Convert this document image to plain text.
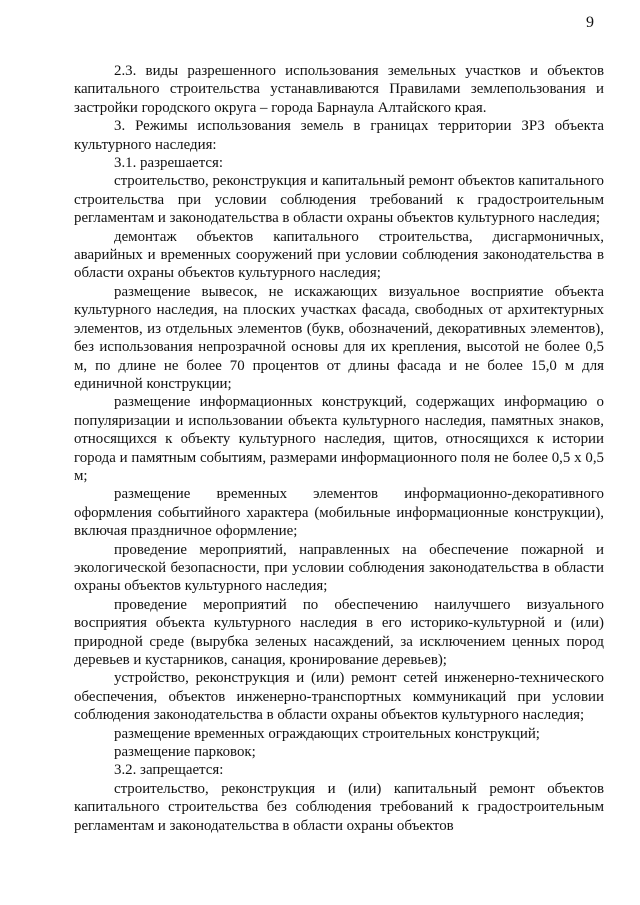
9

2.3. виды разрешенного использования земельных участков и объектов капитального строительства устанавливаются Правилами землепользования и застройки городского округа – города Барнаула Алтайского края.

3. Режимы использования земель в границах территории ЗРЗ объекта культурного наследия:

3.1. разрешается:

строительство, реконструкция и капитальный ремонт объектов капитального строительства при условии соблюдения требований к градостроительным регламентам и законодательства в области охраны объектов культурного наследия;

демонтаж объектов капитального строительства, дисгармоничных, аварийных и временных сооружений при условии соблюдения законодательства в области охраны объектов культурного наследия;

размещение вывесок, не искажающих визуальное восприятие объекта культурного наследия, на плоских участках фасада, свободных от архитектурных элементов, из отдельных элементов (букв, обозначений, декоративных элементов), без использования непрозрачной основы для их крепления, высотой не более 0,5 м, по длине не более 70 процентов от длины фасада и не более 15,0 м для единичной конструкции;

размещение информационных конструкций, содержащих информацию о популяризации и использовании объекта культурного наследия, памятных знаков, относящихся к объекту культурного наследия, щитов, относящихся к истории города и памятным событиям, размерами информационного поля не более 0,5 х 0,5 м;

размещение временных элементов информационно-декоративного оформления событийного характера (мобильные информационные конструкции), включая праздничное оформление;

проведение мероприятий, направленных на обеспечение пожарной и экологической безопасности, при условии соблюдения законодательства в области охраны объектов культурного наследия;

проведение мероприятий по обеспечению наилучшего визуального восприятия объекта культурного наследия в его историко-культурной и (или) природной среде (вырубка зеленых насаждений, за исключением ценных пород деревьев и кустарников, санация, кронирование деревьев);

устройство, реконструкция и (или) ремонт сетей инженерно-технического обеспечения, объектов инженерно-транспортных коммуникаций при условии соблюдения законодательства в области охраны объектов культурного наследия;

размещение временных ограждающих строительных конструкций;

размещение парковок;

3.2. запрещается:

строительство, реконструкция и (или) капитальный ремонт объектов капитального строительства без соблюдения требований к градостроительным регламентам и законодательства в области охраны объектов
